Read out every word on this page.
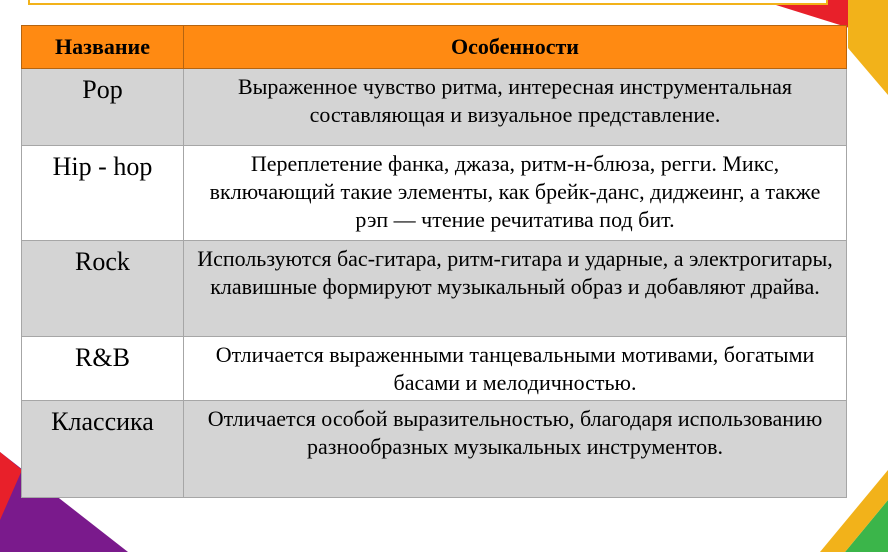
Название	Особенности
Pop	Выраженное чувство ритма, интересная инструментальная составляющая и визуальное представление.
Hip - hop	Переплетение фанка, джаза, ритм-н-блюза, регги. Микс, включающий такие элементы, как брейк-данс, диджеинг, а также рэп — чтение речитатива под бит.
Rock	Используются бас-гитара, ритм-гитара и ударные, а электрогитары, клавишные формируют музыкальный образ и добавляют драйва.
R&B	Отличается выраженными танцевальными мотивами, богатыми басами и мелодичностью.
Классика	Отличается особой выразительностью, благодаря использованию разнообразных музыкальных инструментов.
